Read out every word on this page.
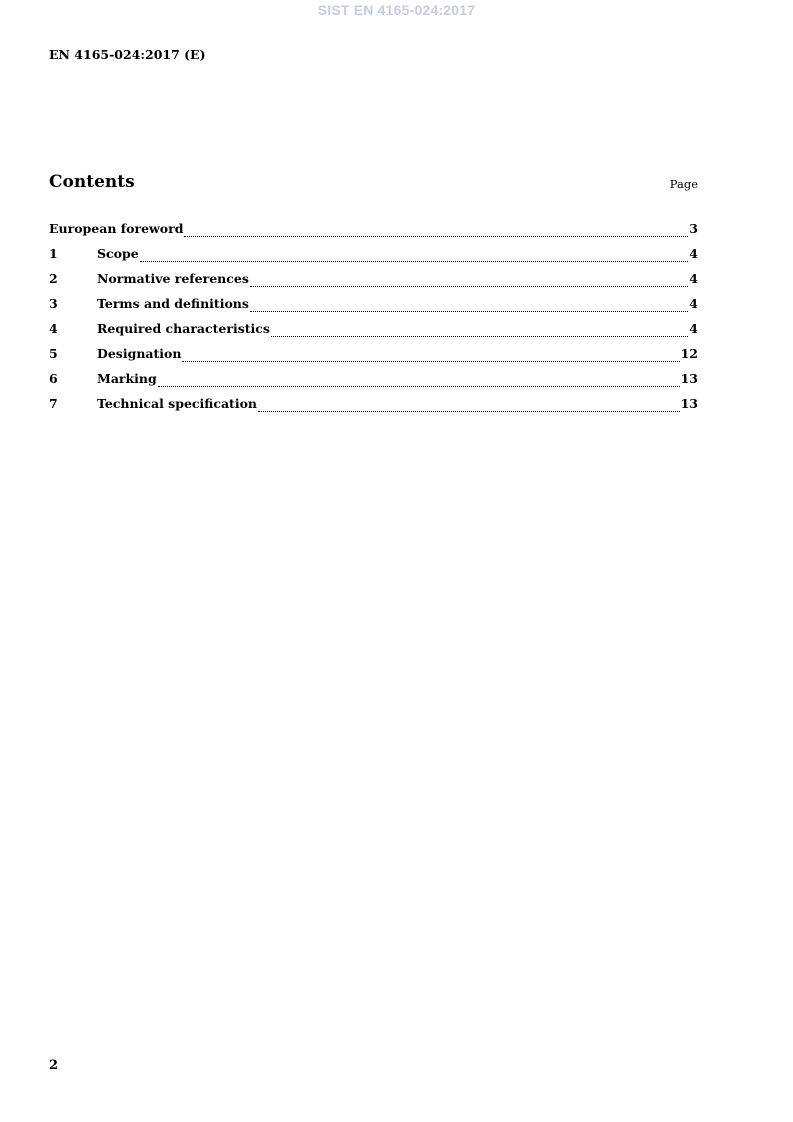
SIST EN 4165-024:2017
EN 4165-024:2017 (E)
Contents	Page
European foreword	3
1	Scope	4
2	Normative references	4
3	Terms and definitions	4
4	Required characteristics	4
5	Designation	12
6	Marking	13
7	Technical specification	13
2
